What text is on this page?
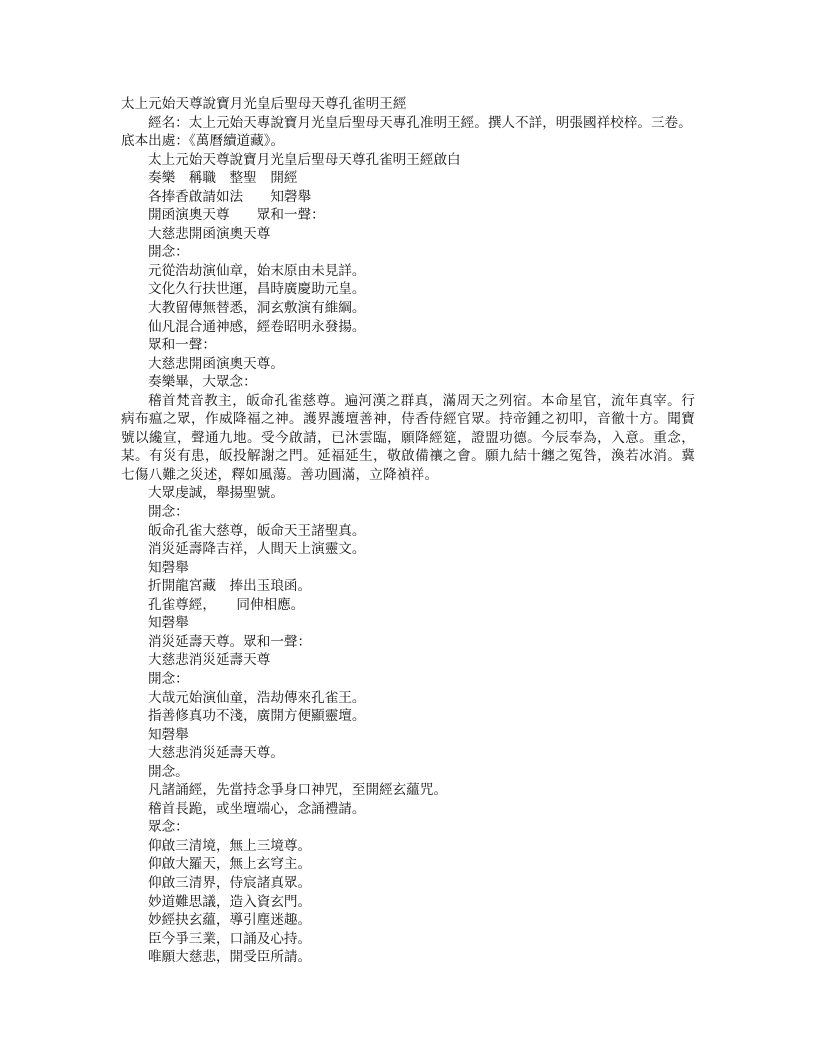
太上元始天尊說寶月光皇后聖母天尊孔雀明王經
經名：太上元始天專說寶月光皇后聖母天專孔准明王經。撰人不詳，明張國祥校梓。三卷。
底本出處：《萬曆續道藏》。
太上元始天尊說寶月光皇后聖母天尊孔雀明王經啟白
奏樂　稱職　整聖　開經
各捧香啟請如法　　知磬舉
開函演奧天尊　　眾和一聲：
大慈悲開函演奧天尊
開念：
元從浩劫演仙章，始末原由未見詳。
文化久行扶世運，昌時廣慶助元皇。
大教留傳無替悉，洞玄敷演有維綱。
仙凡混合通神感，經卷昭明永發揚。
眾和一聲：
大慈悲開函演奧天尊。
奏樂畢，大眾念：

稽首梵音教主，皈命孔雀慈尊。遍河漢之群真，滿周天之列宿。本命星官，流年真宰。行病布瘟之眾，作威降福之神。護界護壇善神，侍香侍經官眾。持帝鍾之初叩，音徹十方。聞寶號以纔宣，聲通九地。受今啟請，已沐雲臨，願降經筵，證盟功德。今辰奉為，入意。重念，某。有災有患，皈投解謝之門。延福延生，敬啟備禳之會。願九結十纏之冤咎，渙若冰消。冀七傷八難之災述，釋如風蕩。善功圓滿，立降禎祥。

大眾虔誠，舉揚聖號。
開念：
皈命孔雀大慈尊，皈命天王諸聖真。
消災延壽降吉祥，人間天上演靈文。
知磬舉
折開龍宮藏　捧出玉琅函。
孔雀尊經，　　同伸相應。
知磬舉
消災延壽天尊。眾和一聲：
大慈悲消災延壽天尊
開念：
大哉元始演仙童，浩劫傳來孔雀王。
指善修真功不淺，廣開方便顯靈壇。
知磬舉
大慈悲消災延壽天尊。
開念。
凡諸誦經，先當持念爭身口神咒，至開經玄蘊咒。
稽首長跪，或坐壇端心，念誦禮請。
眾念：
仰啟三清境，無上三境尊。
仰啟大羅天，無上玄穹主。
仰啟三清界，侍宸諸真眾。
妙道難思議，造入資玄門。
妙經抉玄蘊，導引塵迷趣。
臣今爭三業，口誦及心持。
唯願大慈悲，開受臣所請。
